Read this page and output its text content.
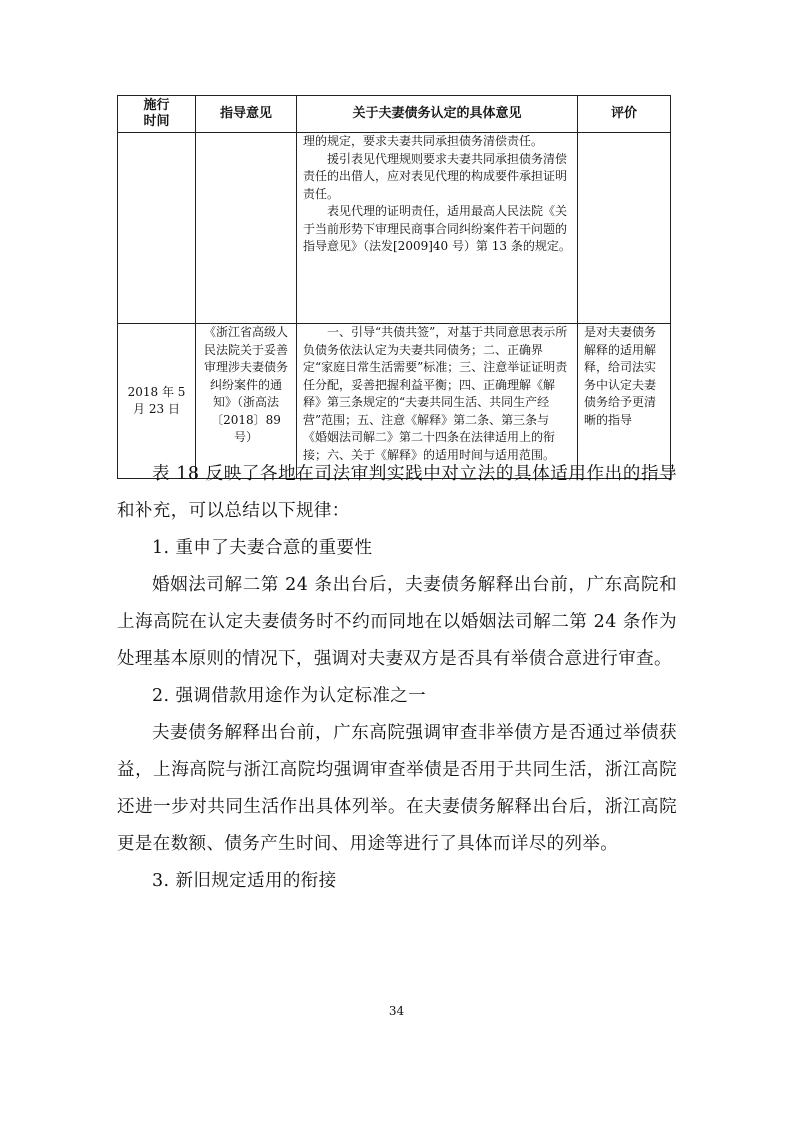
施行
时间	指导意见	关于夫妻债务认定的具体意见	评价

		理的规定，要求夫妻共同承担债务清偿责任。

援引表见代理规则要求夫妻共同承担债务清偿责任的出借人，应对表见代理的构成要件承担证明责任。

表见代理的证明责任，适用最高人民法院《关于当前形势下审理民商事合同纠纷案件若干问题的指导意见》（法发[2009]40 号）第 13 条的规定。	

2018 年 5 月 23 日	《浙江省高级人民法院关于妥善审理涉夫妻债务纠纷案件的通知》（浙高法〔2018〕89 号）	一、引导“共债共签”，对基于共同意思表示所负债务依法认定为夫妻共同债务；二、正确界定“家庭日常生活需要”标准；三、注意举证证明责任分配，妥善把握利益平衡；四、正确理解《解释》第三条规定的“夫妻共同生活、共同生产经营”范围；五、注意《解释》第二条、第三条与《婚姻法司解二》第二十四条在法律适用上的衔接；六、关于《解释》的适用时间与适用范围。	是对夫妻债务解释的适用解释，给司法实务中认定夫妻债务给予更清晰的指导

表 18 反映了各地在司法审判实践中对立法的具体适用作出的指导和补充，可以总结以下规律：

1. 重申了夫妻合意的重要性

婚姻法司解二第 24 条出台后，夫妻债务解释出台前，广东高院和上海高院在认定夫妻债务时不约而同地在以婚姻法司解二第 24 条作为处理基本原则的情况下，强调对夫妻双方是否具有举债合意进行审查。

2. 强调借款用途作为认定标准之一

夫妻债务解释出台前，广东高院强调审查非举债方是否通过举债获益，上海高院与浙江高院均强调审查举债是否用于共同生活，浙江高院还进一步对共同生活作出具体列举。在夫妻债务解释出台后，浙江高院更是在数额、债务产生时间、用途等进行了具体而详尽的列举。

3. 新旧规定适用的衔接

34
